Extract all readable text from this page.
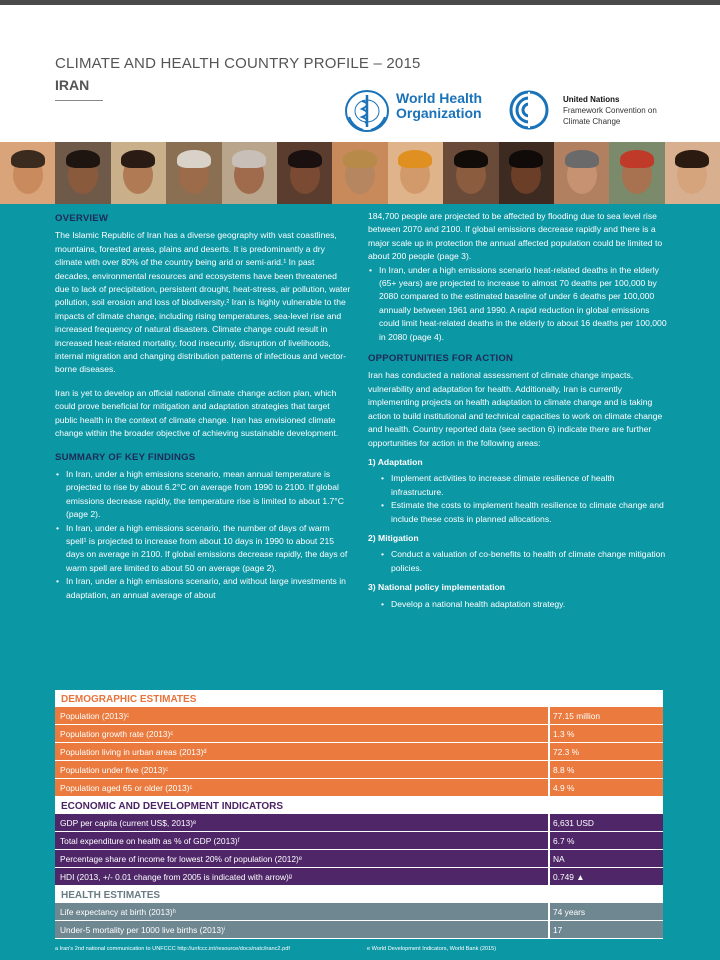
CLIMATE AND HEALTH COUNTRY PROFILE – 2015
IRAN
World Health
Organization
United Nations
Framework Convention on
Climate Change
OVERVIEW
The Islamic Republic of Iran has a diverse geography with vast coastlines, mountains, forested areas, plains and deserts. It is predominantly a dry climate with over 80% of the country being arid or semi-arid.¹ In past decades, environmental resources and ecosystems have been threatened due to lack of precipitation, persistent drought, heat-stress, air pollution, water pollution, soil erosion and loss of biodiversity.² Iran is highly vulnerable to the impacts of climate change, including rising temperatures, sea-level rise and increased frequency of natural disasters. Climate change could result in increased heat-related mortality, food insecurity, disruption of livelihoods, internal migration and changing distribution patterns of infectious and vector-borne diseases.
Iran is yet to develop an official national climate change action plan, which could prove beneficial for mitigation and adaptation strategies that target public health in the context of climate change. Iran has envisioned climate change within the broader objective of achieving sustainable development.
SUMMARY OF KEY FINDINGS
• In Iran, under a high emissions scenario, mean annual temperature is projected to rise by about 6.2°C on average from 1990 to 2100. If global emissions decrease rapidly, the temperature rise is limited to about 1.7°C (page 2).
• In Iran, under a high emissions scenario, the number of days of warm spell¹ is projected to increase from about 10 days in 1990 to about 215 days on average in 2100. If global emissions decrease rapidly, the days of warm spell are limited to about 50 on average (page 2).
• In Iran, under a high emissions scenario, and without large investments in adaptation, an annual average of about
184,700 people are projected to be affected by flooding due to sea level rise between 2070 and 2100. If global emissions decrease rapidly and there is a major scale up in protection the annual affected population could be limited to about 200 people (page 3).
• In Iran, under a high emissions scenario heat-related deaths in the elderly (65+ years) are projected to increase to almost 70 deaths per 100,000 by 2080 compared to the estimated baseline of under 6 deaths per 100,000 annually between 1961 and 1990. A rapid reduction in global emissions could limit heat-related deaths in the elderly to about 16 deaths per 100,000 in 2080 (page 4).
OPPORTUNITIES FOR ACTION
Iran has conducted a national assessment of climate change impacts, vulnerability and adaptation for health. Additionally, Iran is currently implementing projects on health adaptation to climate change and is taking action to build institutional and technical capacities to work on climate change and health. Country reported data (see section 6) indicate there are further opportunities for action in the following areas:
1) Adaptation
• Implement activities to increase climate resilience of health infrastructure.
• Estimate the costs to implement health resilience to climate change and include these costs in planned allocations.
2) Mitigation
• Conduct a valuation of co-benefits to health of climate change mitigation policies.
3) National policy implementation
• Develop a national health adaptation strategy.
DEMOGRAPHIC ESTIMATES
Population (2013)ᶜ	77.15 million
Population growth rate (2013)ᶜ	1.3 %
Population living in urban areas (2013)ᵈ	72.3 %
Population under five (2013)ᶜ	8.8 %
Population aged 65 or older (2013)ᶜ	4.9 %
ECONOMIC AND DEVELOPMENT INDICATORS
GDP per capita (current US$, 2013)ᵉ	6,631 USD
Total expenditure on health as % of GDP (2013)ᶠ	6.7 %
Percentage share of income for lowest 20% of population (2012)ᵉ	NA
HDI (2013, +/- 0.01 change from 2005 is indicated with arrow)ᵍ	0.749 ▲
HEALTH ESTIMATES
Life expectancy at birth (2013)ʰ	74 years
Under-5 mortality per 1000 live births (2013)ⁱ	17
a Iran's 2nd national communication to UNFCCC http://unfccc.int/resource/docs/natc/iranc2.pdf	e World Development Indicators, World Bank (2015)
